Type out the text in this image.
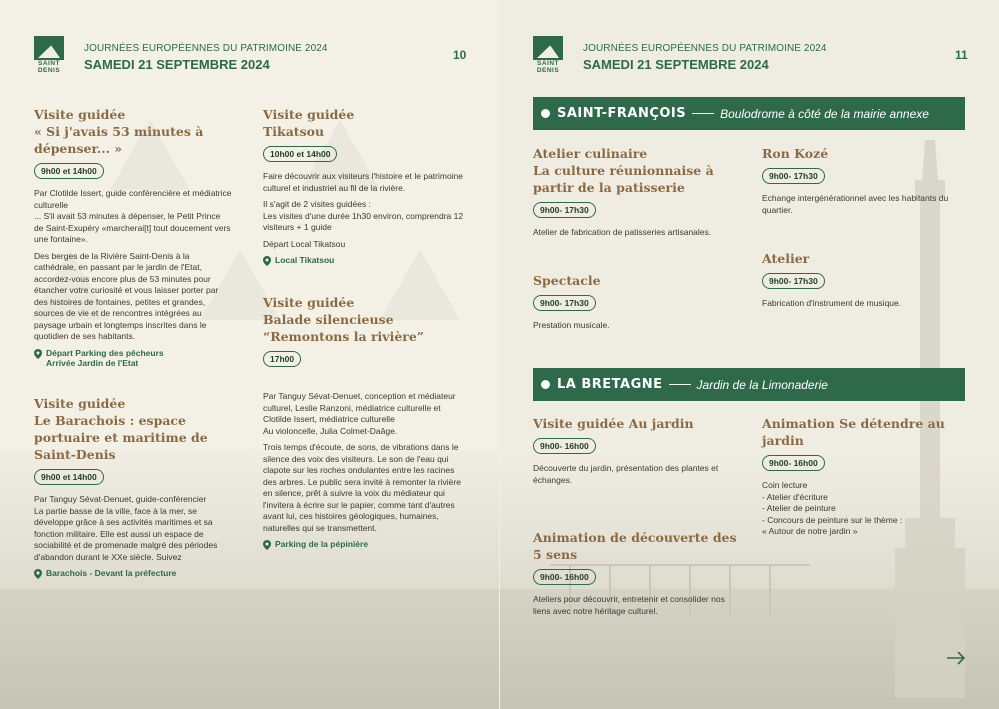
SAINT
DENIS
JOURNÉES EUROPÉENNES DU PATRIMOINE 2024
SAMEDI 21 SEPTEMBRE 2024
10
SAINT
DENIS
JOURNÉES EUROPÉENNES DU PATRIMOINE 2024
SAMEDI 21 SEPTEMBRE 2024
11
Visite guidée
« Si j'avais 53 minutes à dépenser... »
9h00 et 14h00

Par Clotilde Issert, guide conférencière et médiatrice culturelle
... S'il avait 53 minutes à dépenser, le Petit Prince de Saint-Exupéry «marcherai[t] tout doucement vers une fontaine».

Des berges de la Rivière Saint-Denis à la cathédrale, en passant par le jardin de l'Etat, accordez-vous encore plus de 53 minutes pour étancher votre curiosité et vous laisser porter par des histoires de fontaines, petites et grandes, sources de vie et de rencontres intégrées au paysage urbain et longtemps inscrites dans le quotidien de ses habitants.

Départ Parking des pêcheurs
Arrivée Jardin de l'Etat
Visite guidée
Le Barachois : espace portuaire et maritime de Saint-Denis
9h00 et 14h00

Par Tanguy Sévat-Denuet, guide-conférencier
La partie basse de la ville, face à la mer, se développe grâce à ses activités maritimes et sa fonction militaire. Elle est aussi un espace de sociabilité et de promenade malgré des périodes d'abandon durant le XXe siècle. Suivez

Barachois - Devant la préfecture
Visite guidée
Tikatsou
10h00 et 14h00

Faire découvrir aux visiteurs l'histoire et le patrimoine culturel et industriel au fil de la rivière.

Il s'agit de 2 visites guidées :
Les visites d'une durée 1h30 environ, comprendra 12 visiteurs + 1 guide

Départ Local Tikatsou

Local Tikatsou
Visite guidée
Balade silencieuse “Remontons la rivière”
17h00

Par Tanguy Sévat-Denuet, conception et médiateur culturel, Leslie Ranzoni, médiatrice culturelle et Clotilde Issert, médiatrice culturelle
Au violoncelle, Julia Colmet-Daâge.

Trois temps d'écoute, de sons, de vibrations dans le silence des voix des visiteurs. Le son de l'eau qui clapote sur les roches ondulantes entre les racines des arbres. Le public sera invité à remonter la rivière en silence, prêt à suivre la voix du médiateur qui l'invitera à écrire sur le papier, comme tant d'autres avant lui, ces histoires géologiques, humaines, naturelles qui se transmettent.

Parking de la pépinière
SAINT-FRANÇOIS	Boulodrome à côté de la mairie annexe
Atelier culinaire
La culture réunionnaise à partir de la patisserie
9h00- 17h30

Atelier de fabrication de patisseries artisanales.

Spectacle
9h00- 17h30

Prestation musicale.

Ron Kozé
9h00- 17h30

Echange intergénérationnel avec les habitants du quartier.

Atelier
9h00- 17h30

Fabrication d'instrument de musique.

LA BRETAGNE	Jardin de la Limonaderie
Visite guidée Au jardin
9h00- 16h00

Découverte du jardin, présentation des plantes et échanges.

Animation de découverte des 5 sens
9h00- 16h00

Ateliers pour découvrir, entretenir et consolider nos liens avec notre héritage culturel.

Animation Se détendre au jardin
9h00- 16h00

Coin lecture
- Atelier d'écriture
- Atelier de peinture
- Concours de peinture sur le thème :
« Autour de notre jardin »
